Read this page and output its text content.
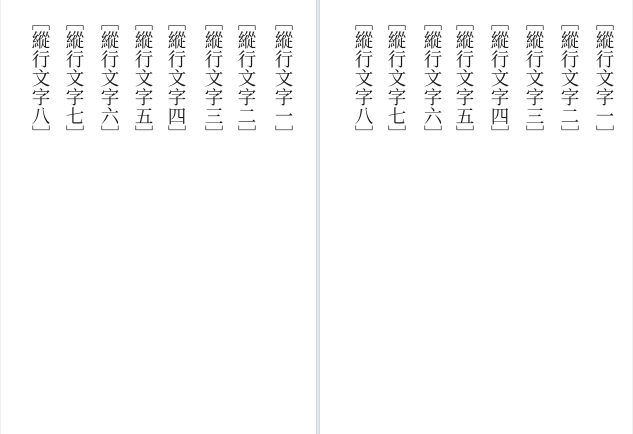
［縱行文字一］
［縱行文字二］
［縱行文字三］
［縱行文字四］
［縱行文字五］
［縱行文字六］
［縱行文字七］
［縱行文字八］	［縱行文字一］
［縱行文字二］
［縱行文字三］
［縱行文字四］
［縱行文字五］
［縱行文字六］
［縱行文字七］
［縱行文字八］
